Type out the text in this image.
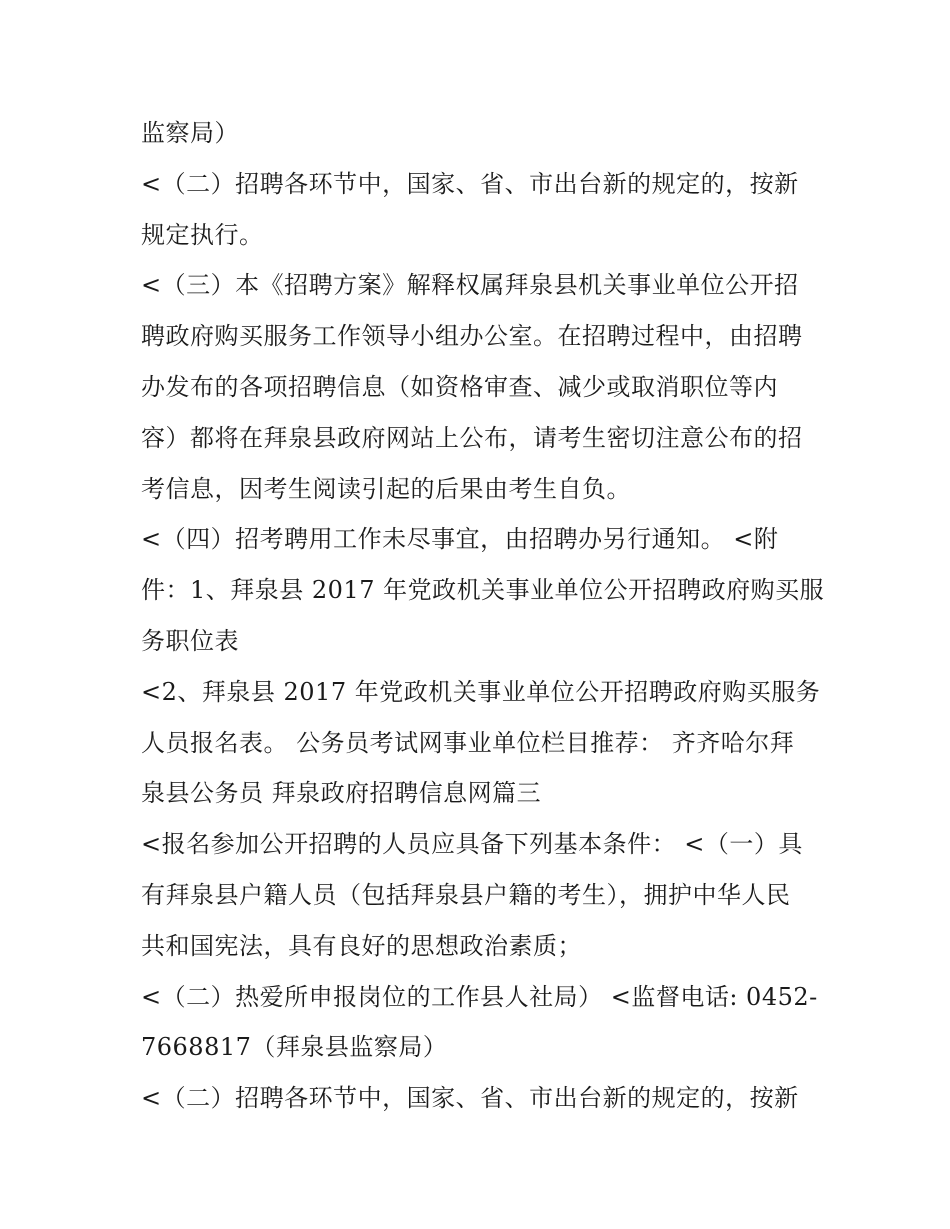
监察局）
<（二）招聘各环节中，国家、省、市出台新的规定的，按新
规定执行。
<（三）本《招聘方案》解释权属拜泉县机关事业单位公开招
聘政府购买服务工作领导小组办公室。在招聘过程中，由招聘
办发布的各项招聘信息（如资格审查、减少或取消职位等内
容）都将在拜泉县政府网站上公布，请考生密切注意公布的招
考信息，因考生阅读引起的后果由考生自负。
<（四）招考聘用工作未尽事宜，由招聘办另行通知。 <附
件：1、拜泉县 2017 年党政机关事业单位公开招聘政府购买服
务职位表
<2、拜泉县 2017 年党政机关事业单位公开招聘政府购买服务
人员报名表。 公务员考试网事业单位栏目推荐： 齐齐哈尔拜
泉县公务员 拜泉政府招聘信息网篇三
<报名参加公开招聘的人员应具备下列基本条件： <（一）具
有拜泉县户籍人员（包括拜泉县户籍的考生），拥护中华人民
共和国宪法，具有良好的思想政治素质；
<（二）热爱所申报岗位的工作县人社局） <监督电话: 0452-
7668817（拜泉县监察局）
<（二）招聘各环节中，国家、省、市出台新的规定的，按新
